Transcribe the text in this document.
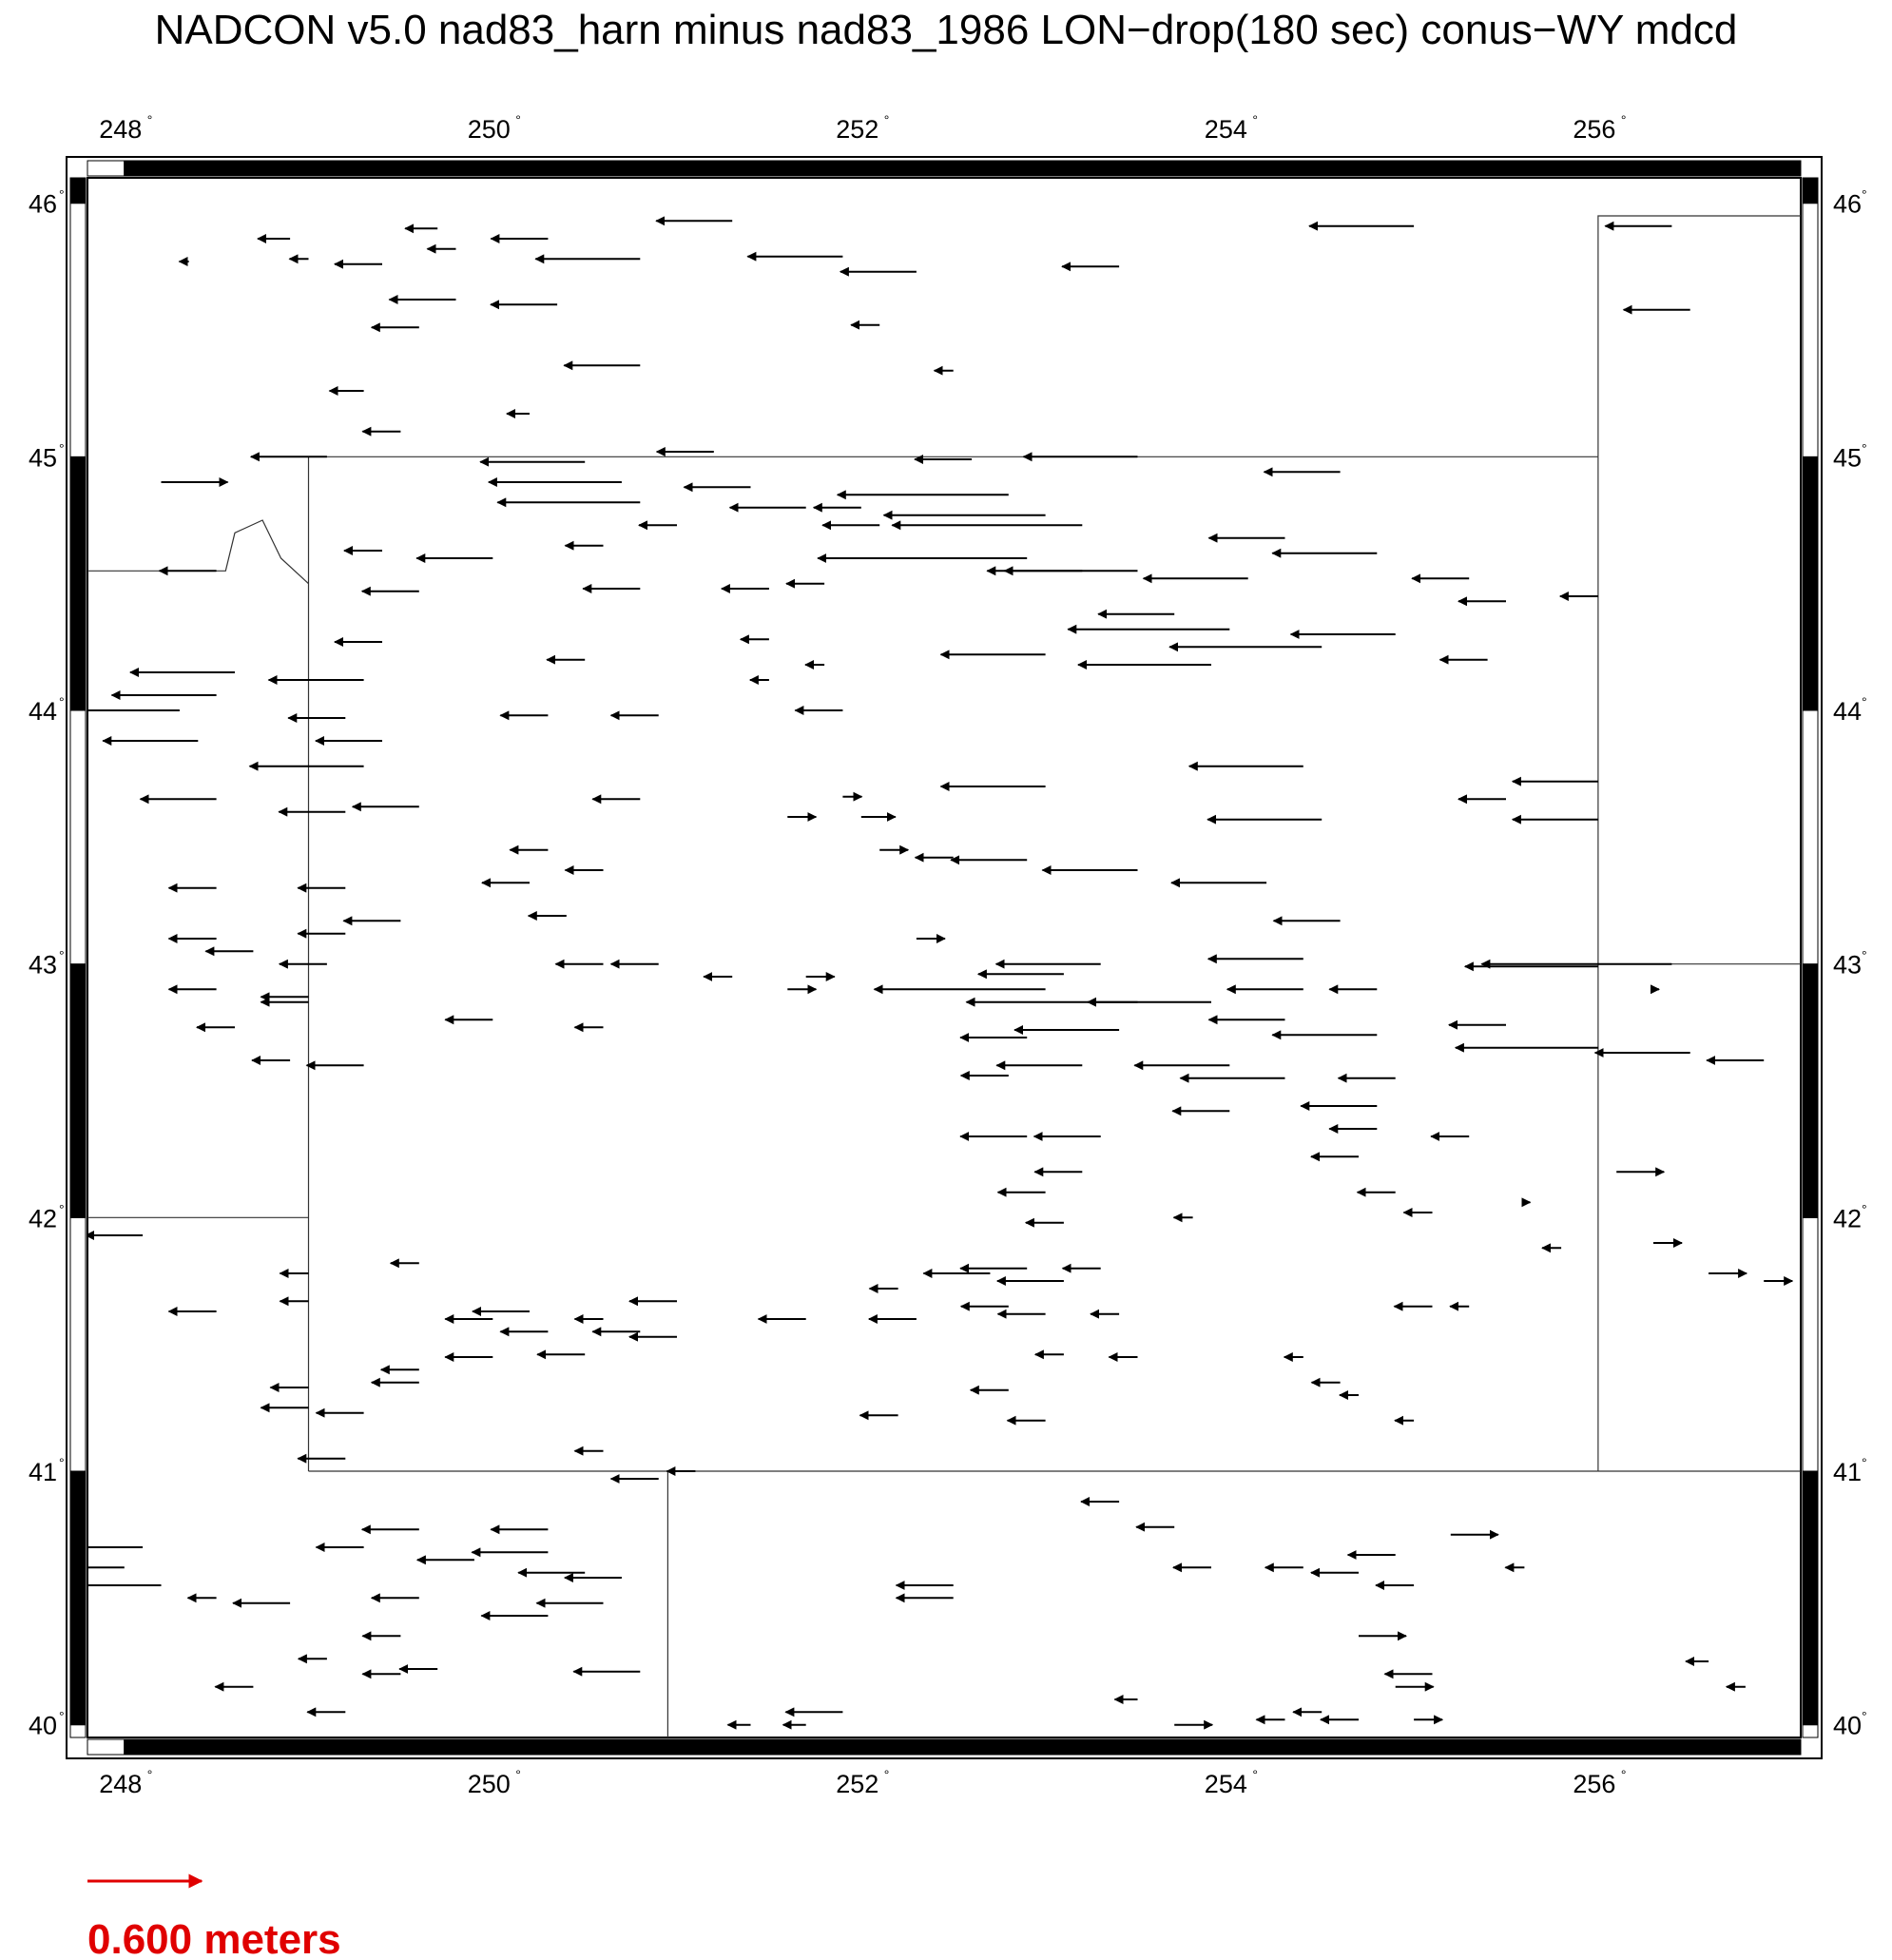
NADCON v5.0 nad83_harn minus nad83_1986 LON−drop(180 sec) conus−WY mdcd
248 °
248 °
250 °
250 °
252 °
252 °
254 °
254 °
256 °
256 °
46 °	46 °
45 °	45 °
44 °	44 °
43 °	43 °
42 °	42 °
41 °	41 °
40 °	40 °
0.600 meters
